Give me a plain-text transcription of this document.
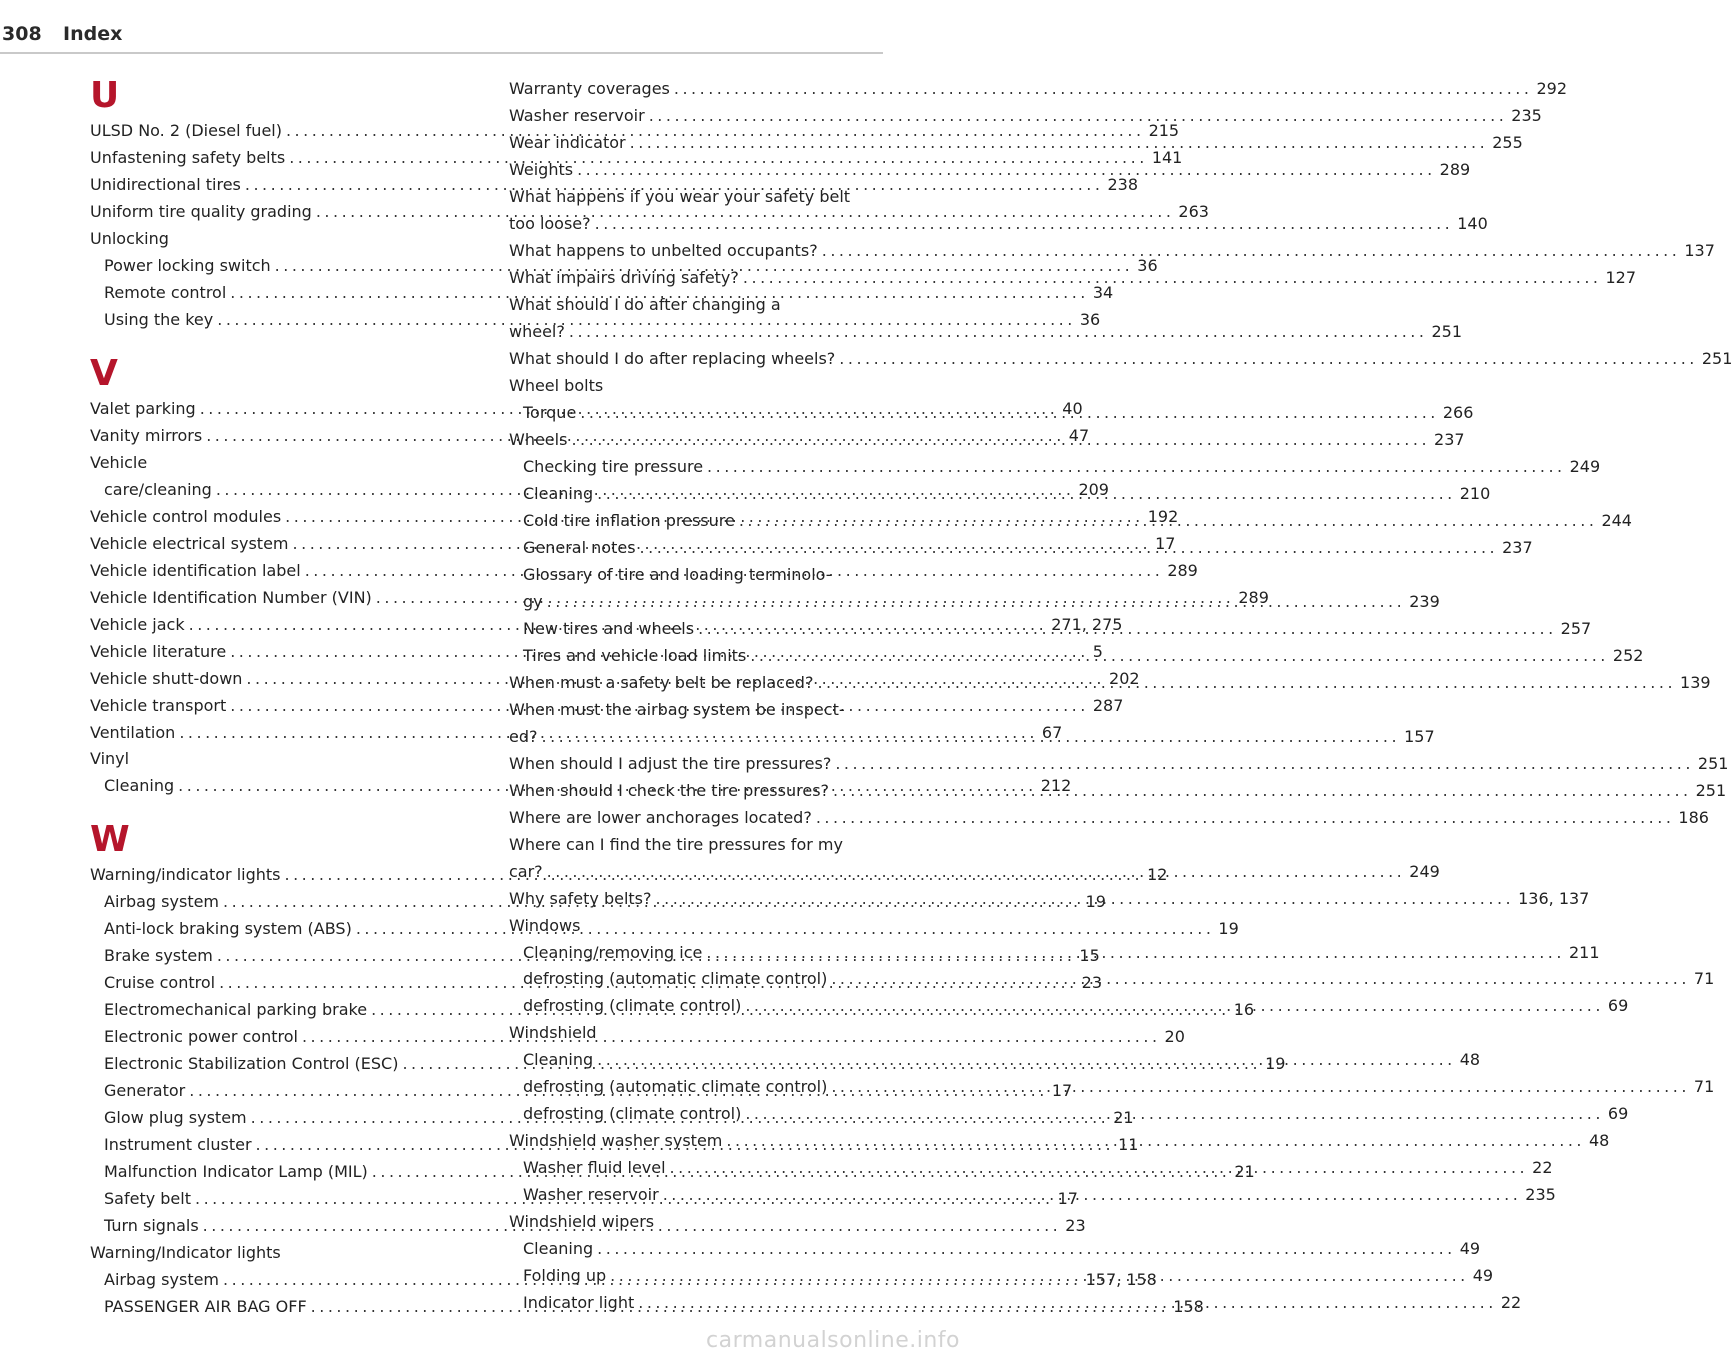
308 Index
U
ULSD No. 2 (Diesel fuel) .....	215
Unfastening safety belts .....	141
Unidirectional tires .....	238
Uniform tire quality grading .....	263
Unlocking
Power locking switch .....	36
Remote control .....	34
Using the key .....	36
V
Valet parking .....	40
Vanity mirrors .....	47
Vehicle
care/cleaning .....	209
Vehicle control modules .....	192
Vehicle electrical system .....	17
Vehicle identification label .....	289
Vehicle Identification Number (VIN) .....	289
Vehicle jack .....	271, 275
Vehicle literature .....	5
Vehicle shutt-down .....	202
Vehicle transport .....	287
Ventilation .....	67
Vinyl
Cleaning .....	212
W
Warning/indicator lights .....	12
Airbag system .....	19
Anti-lock braking system (ABS) .....	19
Brake system .....	15
Cruise control .....	23
Electromechanical parking brake .....	16
Electronic power control .....	20
Electronic Stabilization Control (ESC) .....	19
Generator .....	17
Glow plug system .....	21
Instrument cluster .....	11
Malfunction Indicator Lamp (MIL) .....	21
Safety belt .....	17
Turn signals .....	23
Warning/Indicator lights
Airbag system .....	157, 158
PASSENGER AIR BAG OFF .....	158
Warranty coverages .....	292
Washer reservoir .....	235
Wear indicator .....	255
Weights .....	289
What happens if you wear your safety belt
too loose? .....	140
What happens to unbelted occupants? .....	137
What impairs driving safety? .....	127
What should I do after changing a
wheel? .....	251
What should I do after replacing wheels? .....	251
Wheel bolts
Torque .....	266
Wheels .....	237
Checking tire pressure .....	249
Cleaning .....	210
Cold tire inflation pressure .....	244
General notes .....	237
Glossary of tire and loading terminolo-
gy .....	239
New tires and wheels .....	257
Tires and vehicle load limits .....	252
When must a safety belt be replaced? .....	139
When must the airbag system be inspect-
ed? .....	157
When should I adjust the tire pressures? .....	251
When should I check the tire pressures? .....	251
Where are lower anchorages located? .....	186
Where can I find the tire pressures for my
car? .....	249
Why safety belts? .....	136, 137
Windows
Cleaning/removing ice .....	211
defrosting (automatic climate control) .....	71
defrosting (climate control) .....	69
Windshield
Cleaning .....	48
defrosting (automatic climate control) .....	71
defrosting (climate control) .....	69
Windshield washer system .....	48
Washer fluid level .....	22
Washer reservoir .....	235
Windshield wipers
Cleaning .....	49
Folding up .....	49
Indicator light .....	22
carmanualsonline.info
